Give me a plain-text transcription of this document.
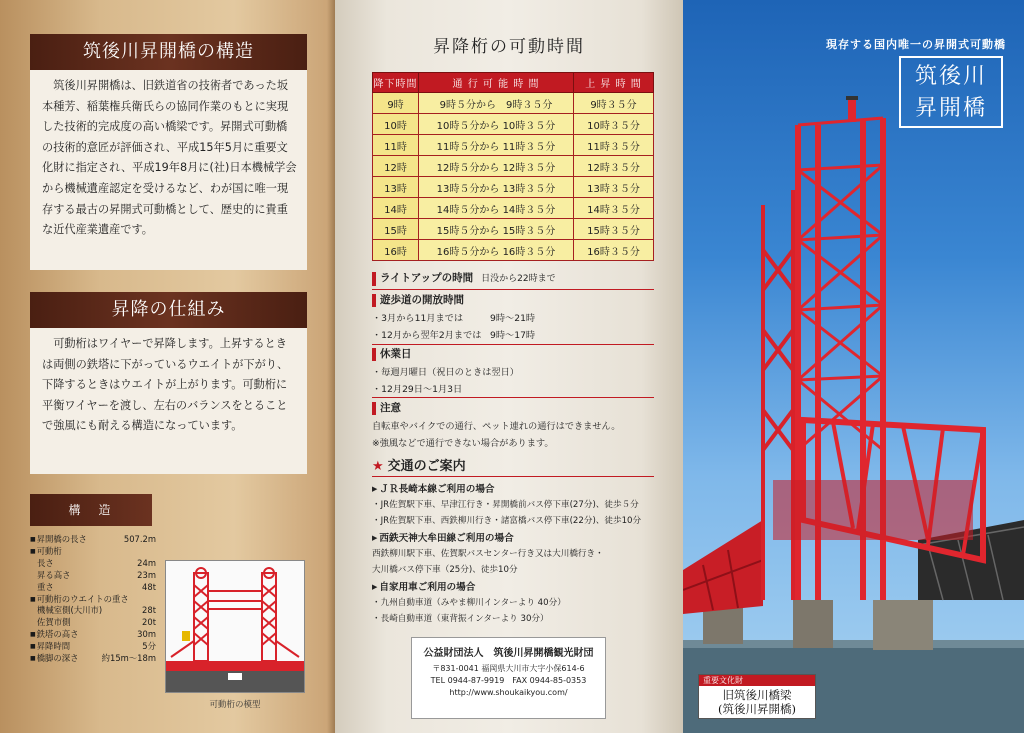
筑後川昇開橋の構造

筑後川昇開橋は、旧鉄道省の技術者であった坂本種芳、稲葉権兵衛氏らの協同作業のもとに実現した技術的完成度の高い橋梁です。昇開式可動橋の技術的意匠が評価され、平成15年5月に重要文化財に指定され、平成19年8月に(社)日本機械学会から機械遺産認定を受けるなど、わが国に唯一現存する最古の昇開式可動橋として、歴史的に貴重な近代産業遺産です。

昇降の仕組み

可動桁はワイヤーで昇降します。上昇するときは両側の鉄塔に下がっているウエイトが下がり、下降するときはウエイトが上がります。可動桁に平衡ワイヤーを渡し、左右のバランスをとることで強風にも耐える構造になっています。

構　造
■ 昇開橋の長さ	507.2m
■ 可動桁
長さ	24m
昇る高さ	23m
重さ	48t
■ 可動桁のウエイトの重さ
機械室側(大川市)	28t
佐賀市側	20t
■ 鉄塔の高さ	30m
■ 昇降時間	5分
■ 橋脚の深さ	約15m〜18m
可動桁の模型
昇降桁の可動時間
降下時間	通 行 可 能 時 間	上 昇 時 間
9時	9時５分から　9時３５分	9時３５分
10時	10時５分から 10時３５分	10時３５分
11時	11時５分から 11時３５分	11時３５分
12時	12時５分から 12時３５分	12時３５分
13時	13時５分から 13時３５分	13時３５分
14時	14時５分から 14時３５分	14時３５分
15時	15時５分から 15時３５分	15時３５分
16時	16時５分から 16時３５分	16時３５分
ライトアップの時間 日没から22時まで
遊歩道の開放時間
・3月から11月までは	9時〜21時
・12月から翌年2月までは 9時〜17時
休業日
・毎週月曜日（祝日のときは翌日）
・12月29日〜1月3日
注意
自転車やバイクでの通行、ペット連れの通行はできません。
※強風などで通行できない場合があります。
★ 交通のご案内
▶ ＪＲ長崎本線ご利用の場合
・JR佐賀駅下車、早津江行き・昇開橋前バス停下車(27分)、徒歩５分
・JR佐賀駅下車、西鉄柳川行き・諸富橋バス停下車(22分)、徒歩10分
▶ 西鉄天神大牟田線ご利用の場合
西鉄柳川駅下車、佐賀駅バスセンター行き又は大川橋行き・
大川橋バス停下車（25分)、徒歩10分
▶ 自家用車ご利用の場合
・九州自動車道（みやま柳川インターより 40分）
・長崎自動車道（東背振インターより 30分）
公益財団法人　 筑後川昇開橋観光財団
〒831-0041 福岡県大川市大字小保614-6
TEL 0944-87-9919　FAX 0944-85-0353
http://www.shoukaikyou.com/
現存する国内唯一の昇開式可動橋
筑後川
昇開橋
重要文化財
旧筑後川橋梁
(筑後川昇開橋)
